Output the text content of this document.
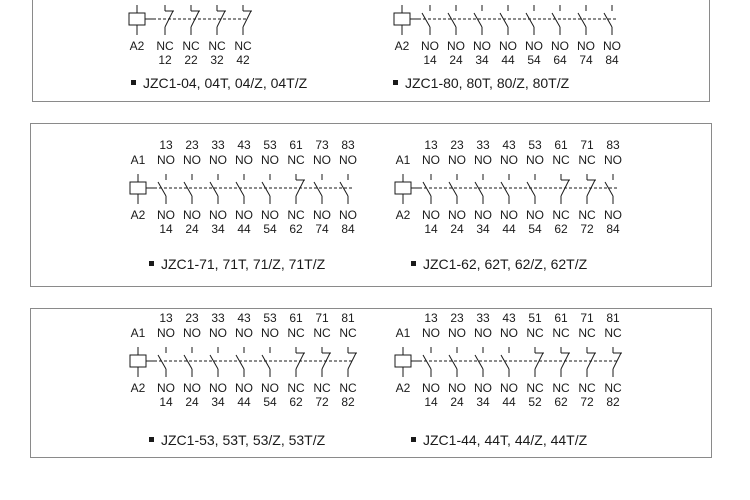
A2 NC
12
NC
22
NC
32
NC
42
JZC1-04, 04T, 04/Z, 04T/Z
A2 NO
14
NO
24
NO
34
NO
44
NO
54
NO
64
NO
74
NO
84
JZC1-80, 80T, 80/Z, 80T/Z
A1
A2
13
NO
NO
14
23
NO
NO
24
33
NO
NO
34
43
NO
NO
44
53
NO
NO
54
61
NC
NC
62
73
NO
NO
74
83
NO
NO
84
JZC1-71, 71T, 71/Z, 71T/Z
A1
A2
13
NO
NO
14
23
NO
NO
24
33
NO
NO
34
43
NO
NO
44
53
NO
NO
54
61
NC
NC
62
71
NC
NC
72
83
NO
NO
84
JZC1-62, 62T, 62/Z, 62T/Z
A1
A2
13
NO
NO
14
23
NO
NO
24
33
NO
NO
34
43
NO
NO
44
53
NO
NO
54
61
NC
NC
62
71
NC
NC
72
81
NC
NC
82
JZC1-53, 53T, 53/Z, 53T/Z
A1
A2
13
NO
NO
14
23
NO
NO
24
33
NO
NO
34
43
NO
NO
44
51
NC
NC
52
61
NC
NC
62
71
NC
NC
72
81
NC
NC
82
JZC1-44, 44T, 44/Z, 44T/Z
